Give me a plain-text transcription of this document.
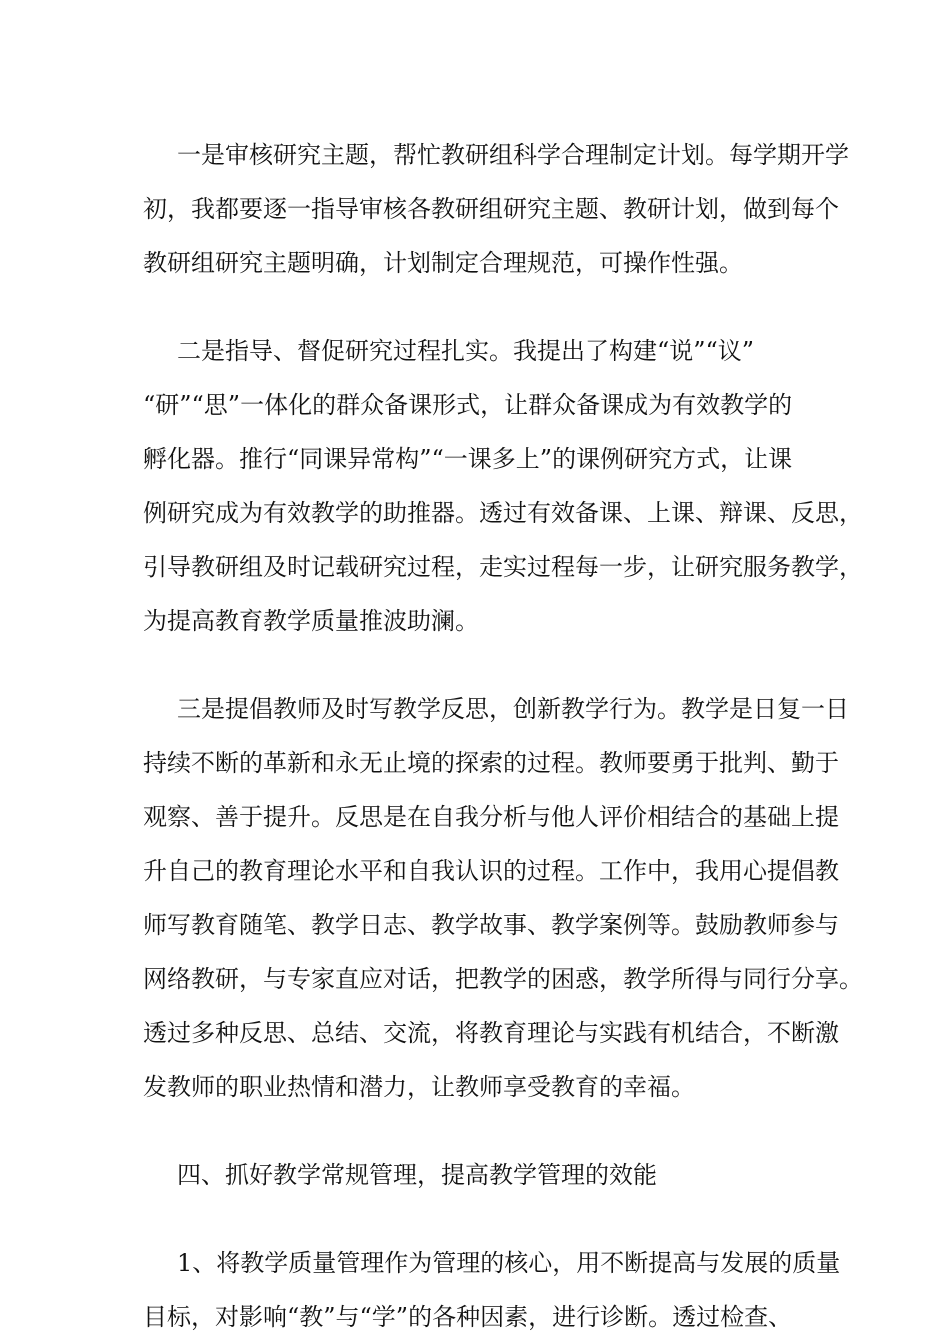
一是审核研究主题，帮忙教研组科学合理制定计划。每学期开学
初，我都要逐一指导审核各教研组研究主题、教研计划，做到每个
教研组研究主题明确，计划制定合理规范，可操作性强。
二是指导、督促研究过程扎实。我提出了构建“说”“议”
“研”“思”一体化的群众备课形式，让群众备课成为有效教学的
孵化器。推行“同课异常构”“一课多上”的课例研究方式，让课
例研究成为有效教学的助推器。透过有效备课、上课、辩课、反思，
引导教研组及时记载研究过程，走实过程每一步，让研究服务教学，
为提高教育教学质量推波助澜。
三是提倡教师及时写教学反思，创新教学行为。教学是日复一日
持续不断的革新和永无止境的探索的过程。教师要勇于批判、勤于
观察、善于提升。反思是在自我分析与他人评价相结合的基础上提
升自己的教育理论水平和自我认识的过程。工作中，我用心提倡教
师写教育随笔、教学日志、教学故事、教学案例等。鼓励教师参与
网络教研，与专家直应对话，把教学的困惑，教学所得与同行分享。
透过多种反思、总结、交流，将教育理论与实践有机结合，不断激
发教师的职业热情和潜力，让教师享受教育的幸福。
四、抓好教学常规管理，提高教学管理的效能
1、将教学质量管理作为管理的核心，用不断提高与发展的质量
目标，对影响“教”与“学”的各种因素，进行诊断。透过检查、
